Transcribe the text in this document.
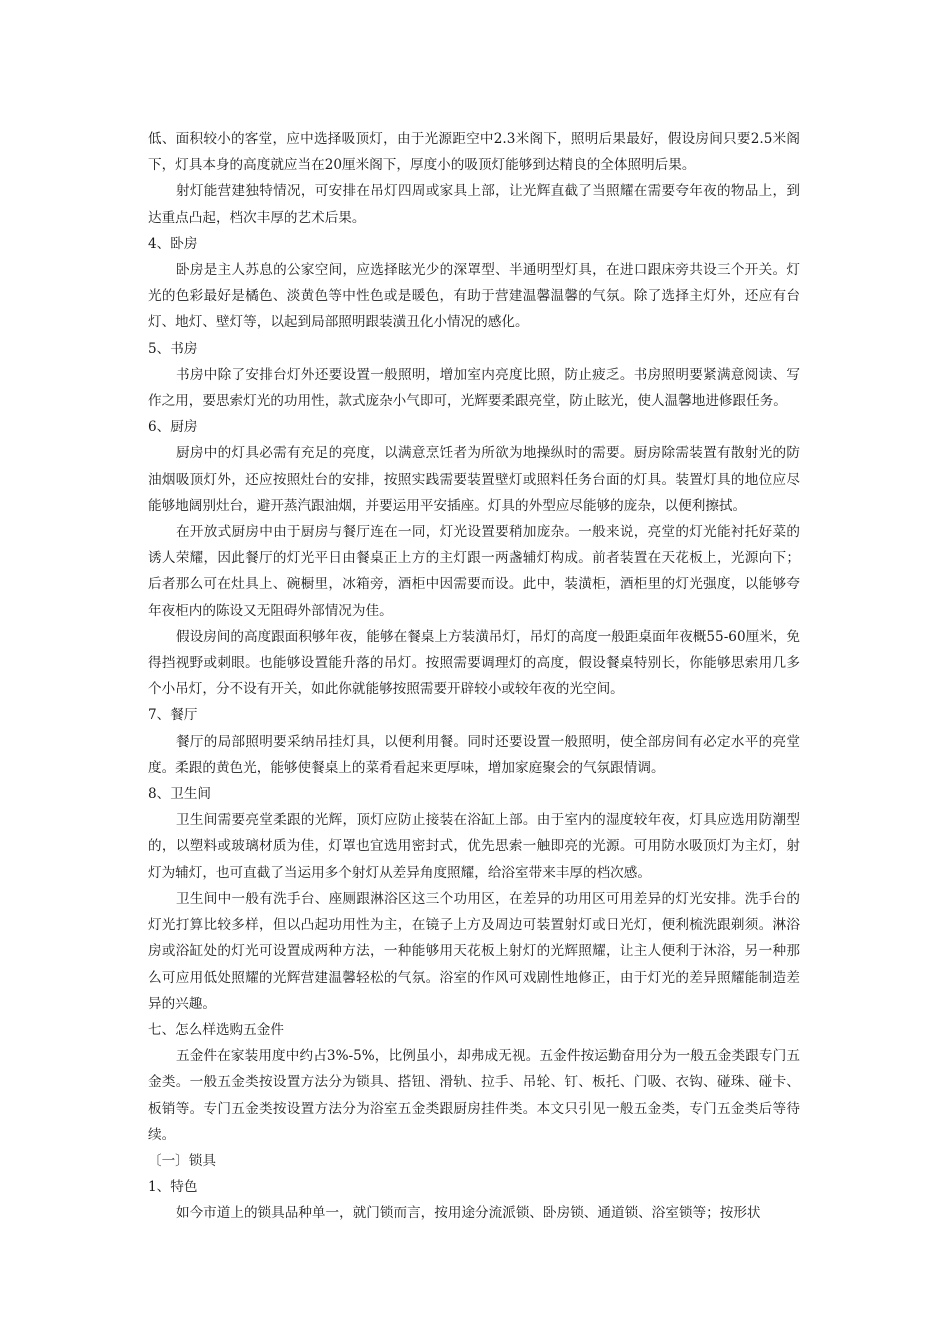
低、面积较小的客堂，应中选择吸顶灯，由于光源距空中2.3米阁下，照明后果最好，假设房间只要2.5米阁下，灯具本身的高度就应当在20厘米阁下，厚度小的吸顶灯能够到达精良的全体照明后果。

射灯能营建独特情况，可安排在吊灯四周或家具上部，让光辉直截了当照耀在需要夸年夜的物品上，到达重点凸起，档次丰厚的艺术后果。

4、卧房

卧房是主人苏息的公家空间，应选择眩光少的深罩型、半通明型灯具，在进口跟床旁共设三个开关。灯光的色彩最好是橘色、淡黄色等中性色或是暖色，有助于营建温馨温馨的气氛。除了选择主灯外，还应有台灯、地灯、壁灯等，以起到局部照明跟装潢丑化小情况的感化。

5、书房

书房中除了安排台灯外还要设置一般照明，增加室内亮度比照，防止疲乏。书房照明要紧满意阅读、写作之用，要思索灯光的功用性，款式庞杂小气即可，光辉要柔跟亮堂，防止眩光，使人温馨地进修跟任务。

6、厨房

厨房中的灯具必需有充足的亮度，以满意烹饪者为所欲为地操纵时的需要。厨房除需装置有散射光的防油烟吸顶灯外，还应按照灶台的安排，按照实践需要装置壁灯或照料任务台面的灯具。装置灯具的地位应尽能够地阔别灶台，避开蒸汽跟油烟，并要运用平安插座。灯具的外型应尽能够的庞杂，以便利擦拭。

在开放式厨房中由于厨房与餐厅连在一同，灯光设置要稍加庞杂。一般来说，亮堂的灯光能衬托好菜的诱人荣耀，因此餐厅的灯光平日由餐桌正上方的主灯跟一两盏辅灯构成。前者装置在天花板上，光源向下；后者那么可在灶具上、碗橱里，冰箱旁，酒柜中因需要而设。此中，装潢柜，酒柜里的灯光强度，以能够夸年夜柜内的陈设又无阻碍外部情况为佳。

假设房间的高度跟面积够年夜，能够在餐桌上方装潢吊灯，吊灯的高度一般距桌面年夜概55-60厘米，免得挡视野或刺眼。也能够设置能升落的吊灯。按照需要调理灯的高度，假设餐桌特别长，你能够思索用几多个小吊灯，分不设有开关，如此你就能够按照需要开辟较小或较年夜的光空间。

7、餐厅

餐厅的局部照明要采纳吊挂灯具，以便利用餐。同时还要设置一般照明，使全部房间有必定水平的亮堂度。柔跟的黄色光，能够使餐桌上的菜肴看起来更厚味，增加家庭聚会的气氛跟情调。

8、卫生间

卫生间需要亮堂柔跟的光辉，顶灯应防止接装在浴缸上部。由于室内的湿度较年夜，灯具应选用防潮型的，以塑料或玻璃材质为佳，灯罩也宜选用密封式，优先思索一触即亮的光源。可用防水吸顶灯为主灯，射灯为辅灯，也可直截了当运用多个射灯从差异角度照耀，给浴室带来丰厚的档次感。

卫生间中一般有洗手台、座厕跟淋浴区这三个功用区，在差异的功用区可用差异的灯光安排。洗手台的灯光打算比较多样，但以凸起功用性为主，在镜子上方及周边可装置射灯或日光灯，便利梳洗跟剃须。淋浴房或浴缸处的灯光可设置成两种方法，一种能够用天花板上射灯的光辉照耀，让主人便利于沐浴，另一种那么可应用低处照耀的光辉营建温馨轻松的气氛。浴室的作风可戏剧性地修正，由于灯光的差异照耀能制造差异的兴趣。

七、怎么样选购五金件

五金件在家装用度中约占3%-5%，比例虽小，却弗成无视。五金件按运勤奋用分为一般五金类跟专门五金类。一般五金类按设置方法分为锁具、搭钮、滑轨、拉手、吊轮、钉、板托、门吸、衣钩、碰珠、碰卡、板销等。专门五金类按设置方法分为浴室五金类跟厨房挂件类。本文只引见一般五金类，专门五金类后等待续。

〔一〕锁具

1、特色

如今市道上的锁具品种单一，就门锁而言，按用途分流派锁、卧房锁、通道锁、浴室锁等；按形状
